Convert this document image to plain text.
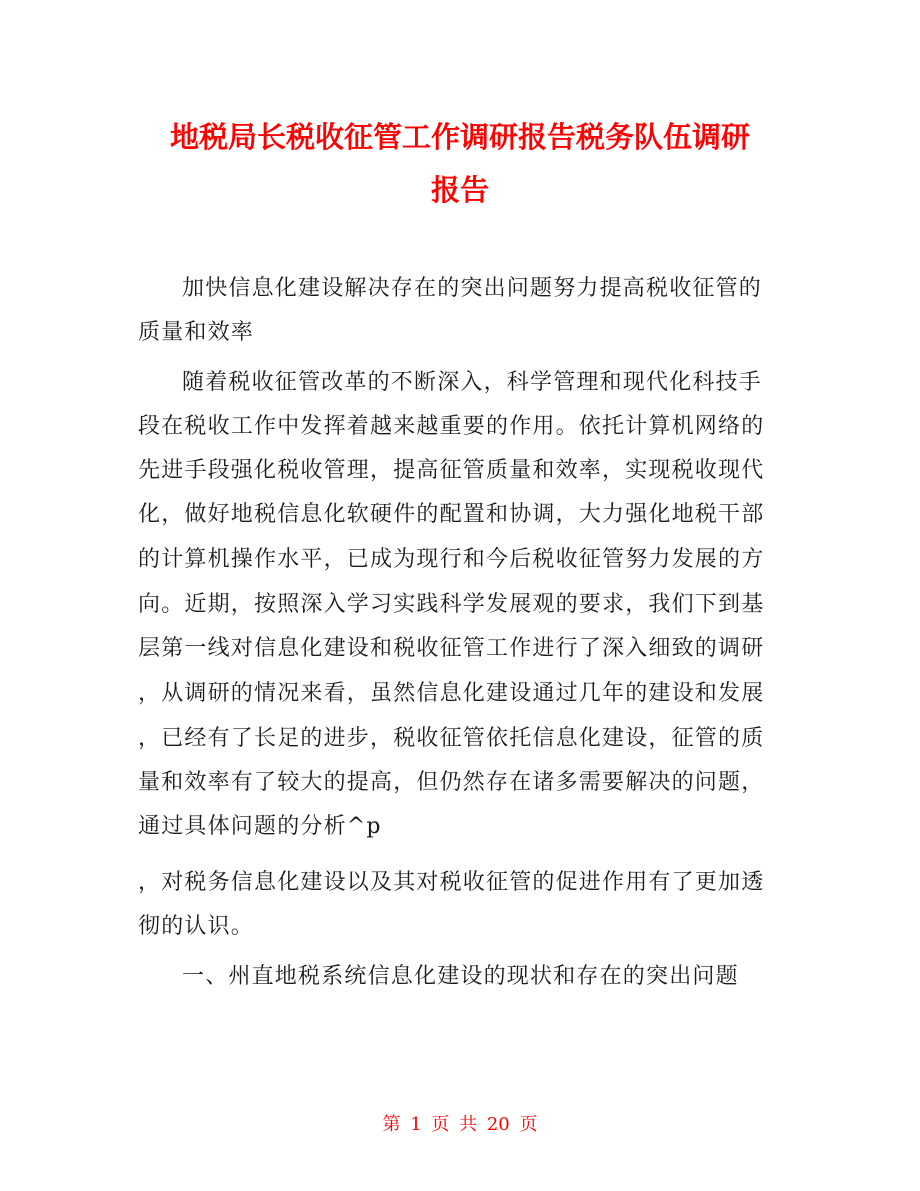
地税局长税收征管工作调研报告税务队伍调研
报告

加快信息化建设解决存在的突出问题努力提高税收征管的

质量和效率

随着税收征管改革的不断深入，科学管理和现代化科技手

段在税收工作中发挥着越来越重要的作用。依托计算机网络的

先进手段强化税收管理，提高征管质量和效率，实现税收现代

化，做好地税信息化软硬件的配置和协调，大力强化地税干部

的计算机操作水平，已成为现行和今后税收征管努力发展的方

向。近期，按照深入学习实践科学发展观的要求，我们下到基

层第一线对信息化建设和税收征管工作进行了深入细致的调研

，从调研的情况来看，虽然信息化建设通过几年的建设和发展

，已经有了长足的进步，税收征管依托信息化建设，征管的质

量和效率有了较大的提高，但仍然存在诸多需要解决的问题，

通过具体问题的分析^p

，对税务信息化建设以及其对税收征管的促进作用有了更加透

彻的认识。

一、州直地税系统信息化建设的现状和存在的突出问题

第 1 页 共 20 页
